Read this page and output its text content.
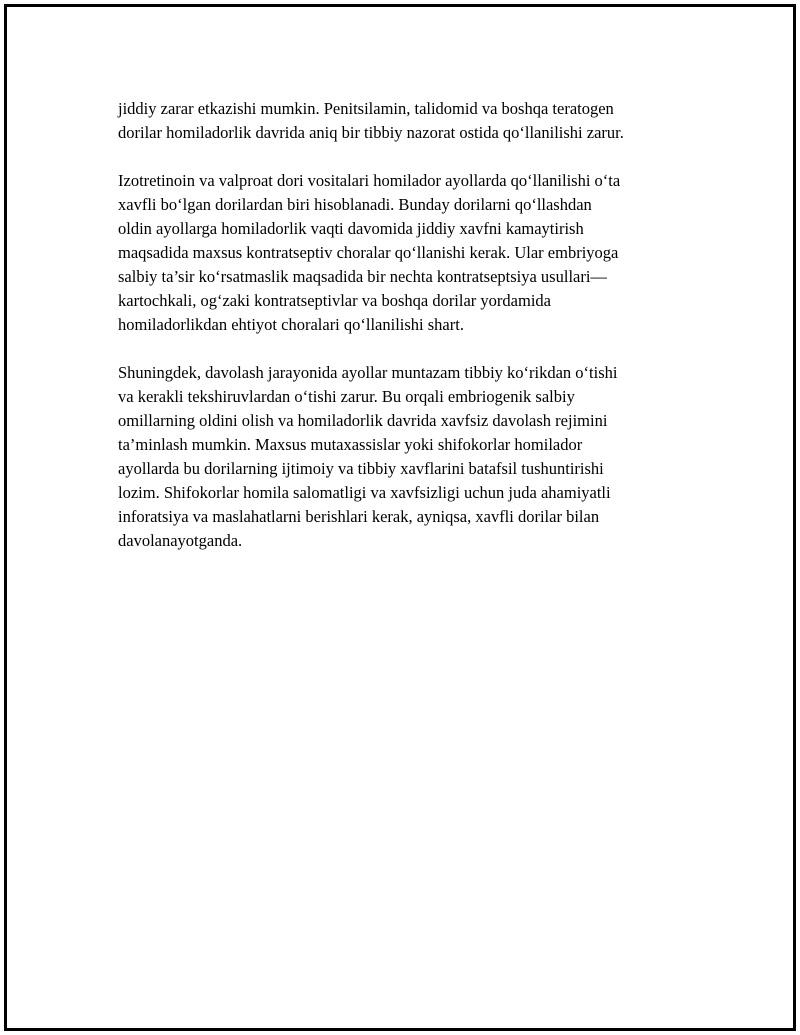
jiddiy zarar etkazishi mumkin. Penitsilamin, talidomid va boshqa teratogen
dorilar homiladorlik davrida aniq bir tibbiy nazorat ostida qo‘llanilishi zarur.

Izotretinoin va valproat dori vositalari homilador ayollarda qo‘llanilishi o‘ta
xavfli bo‘lgan dorilardan biri hisoblanadi. Bunday dorilarni qo‘llashdan
oldin ayollarga homiladorlik vaqti davomida jiddiy xavfni kamaytirish
maqsadida maxsus kontratseptiv choralar qo‘llanishi kerak. Ular embriyoga
salbiy ta’sir ko‘rsatmaslik maqsadida bir nechta kontratseptsiya usullari—
kartochkali, og‘zaki kontratseptivlar va boshqa dorilar yordamida
homiladorlikdan ehtiyot choralari qo‘llanilishi shart.

Shuningdek, davolash jarayonida ayollar muntazam tibbiy ko‘rikdan o‘tishi
va kerakli tekshiruvlardan o‘tishi zarur. Bu orqali embriogenik salbiy
omillarning oldini olish va homiladorlik davrida xavfsiz davolash rejimini
ta’minlash mumkin. Maxsus mutaxassislar yoki shifokorlar homilador
ayollarda bu dorilarning ijtimoiy va tibbiy xavflarini batafsil tushuntirishi
lozim. Shifokorlar homila salomatligi va xavfsizligi uchun juda ahamiyatli
inforatsiya va maslahatlarni berishlari kerak, ayniqsa, xavfli dorilar bilan
davolanayotganda.
